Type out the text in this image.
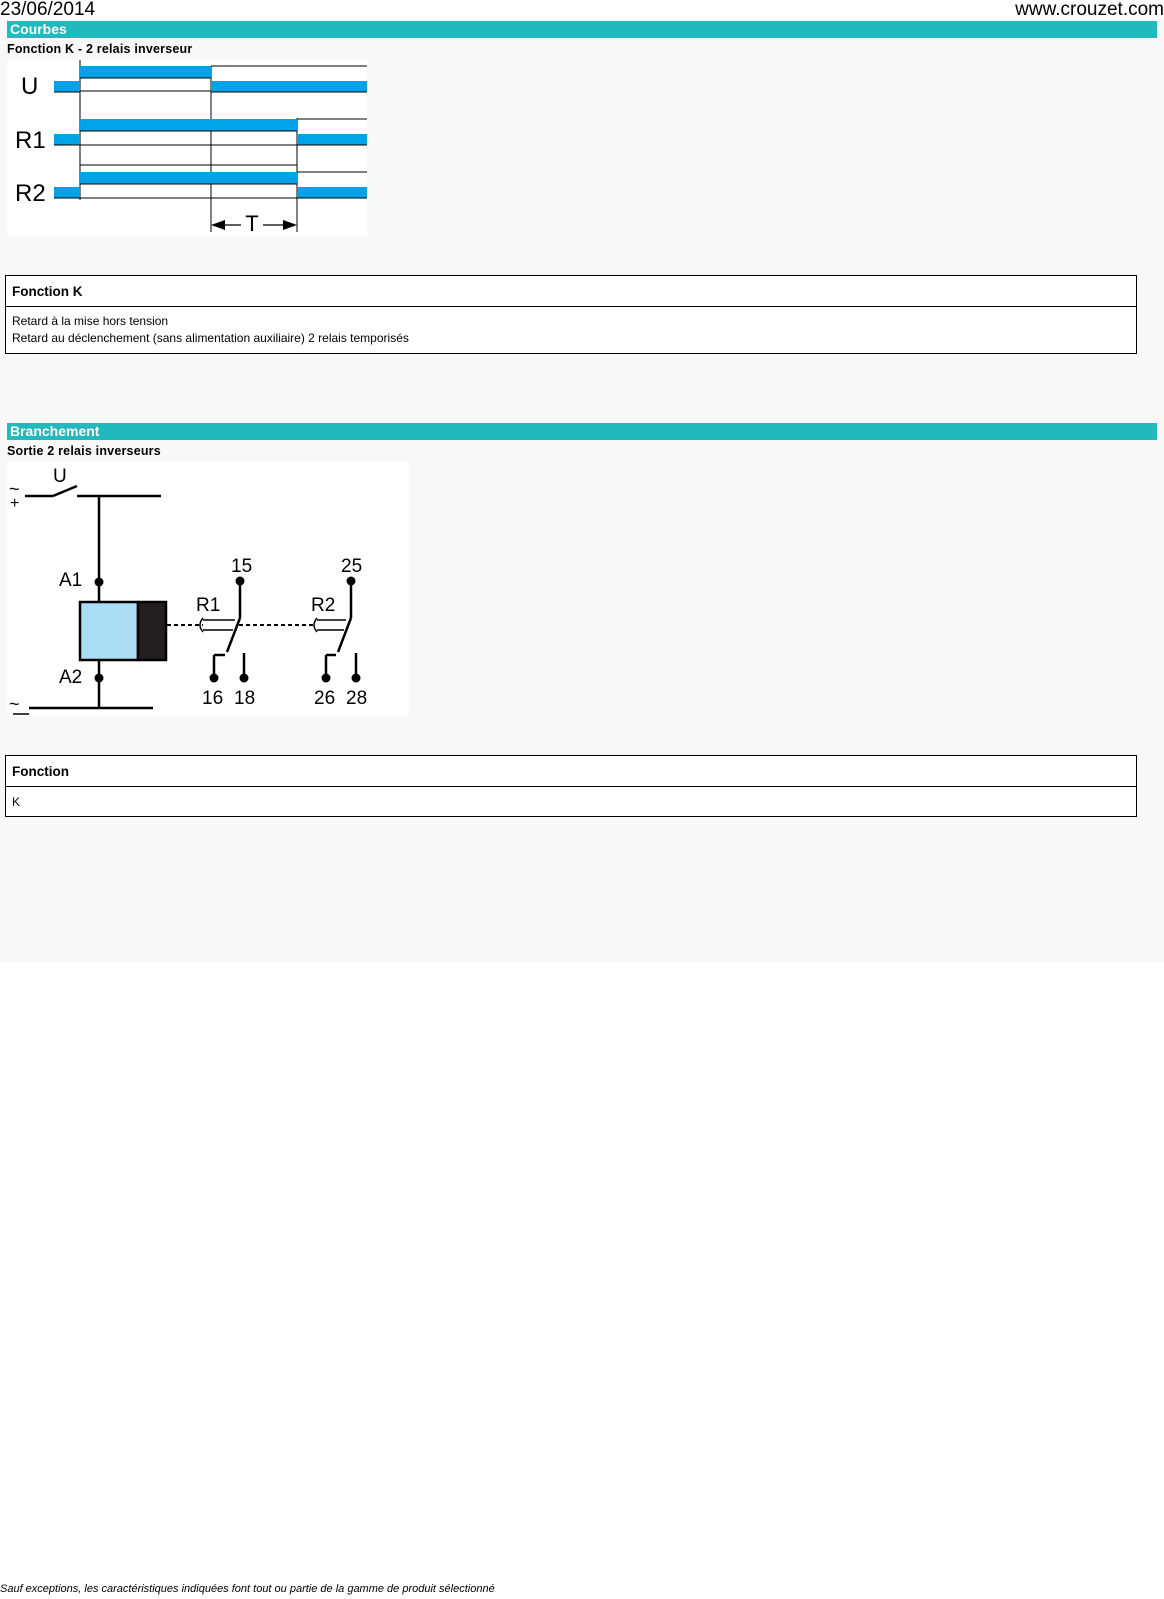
23/06/2014	www.crouzet.com
Courbes
Fonction K - 2 relais inverseur
U
R1
R2
T
Fonction K
Retard à la mise hors tension
Retard au déclenchement (sans alimentation auxiliaire) 2 relais temporisés
Branchement
Sortie 2 relais inverseurs
~
+
U
A1
A2
~
R1
15
16 18
R2
25
26 28
Fonction
K
Sauf exceptions, les caractéristiques indiquées font tout ou partie de la gamme de produit sélectionné
